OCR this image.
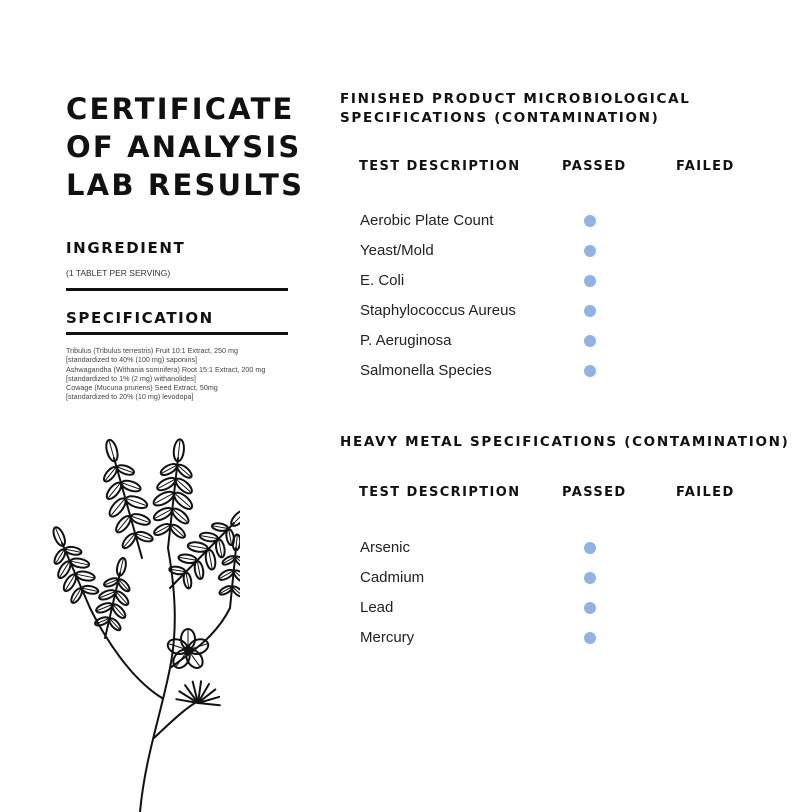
CERTIFICATE
OF ANALYSIS
LAB RESULTS
INGREDIENT
(1 TABLET PER SERVING)
SPECIFICATION
Tribulus (Tribulus terrestris) Fruit 10:1 Extract, 250 mg
[standardized to 40% (100 mg) saponins]
Ashwagandha (Withania somnifera) Root 15:1 Extract, 200 mg
[standardized to 1% (2 mg) withanolides]
Cowage (Mucuna pruriens) Seed Extract, 50mg
[standardized to 20% (10 mg) levodopa]
FINISHED PRODUCT MICROBIOLOGICAL SPECIFICATIONS (CONTAMINATION)
TEST DESCRIPTION	PASSED	FAILED
Aerobic Plate Count
Yeast/Mold
E. Coli
Staphylococcus Aureus
P. Aeruginosa
Salmonella Species
HEAVY METAL SPECIFICATIONS (CONTAMINATION)
TEST DESCRIPTION	PASSED	FAILED
Arsenic
Cadmium
Lead
Mercury
